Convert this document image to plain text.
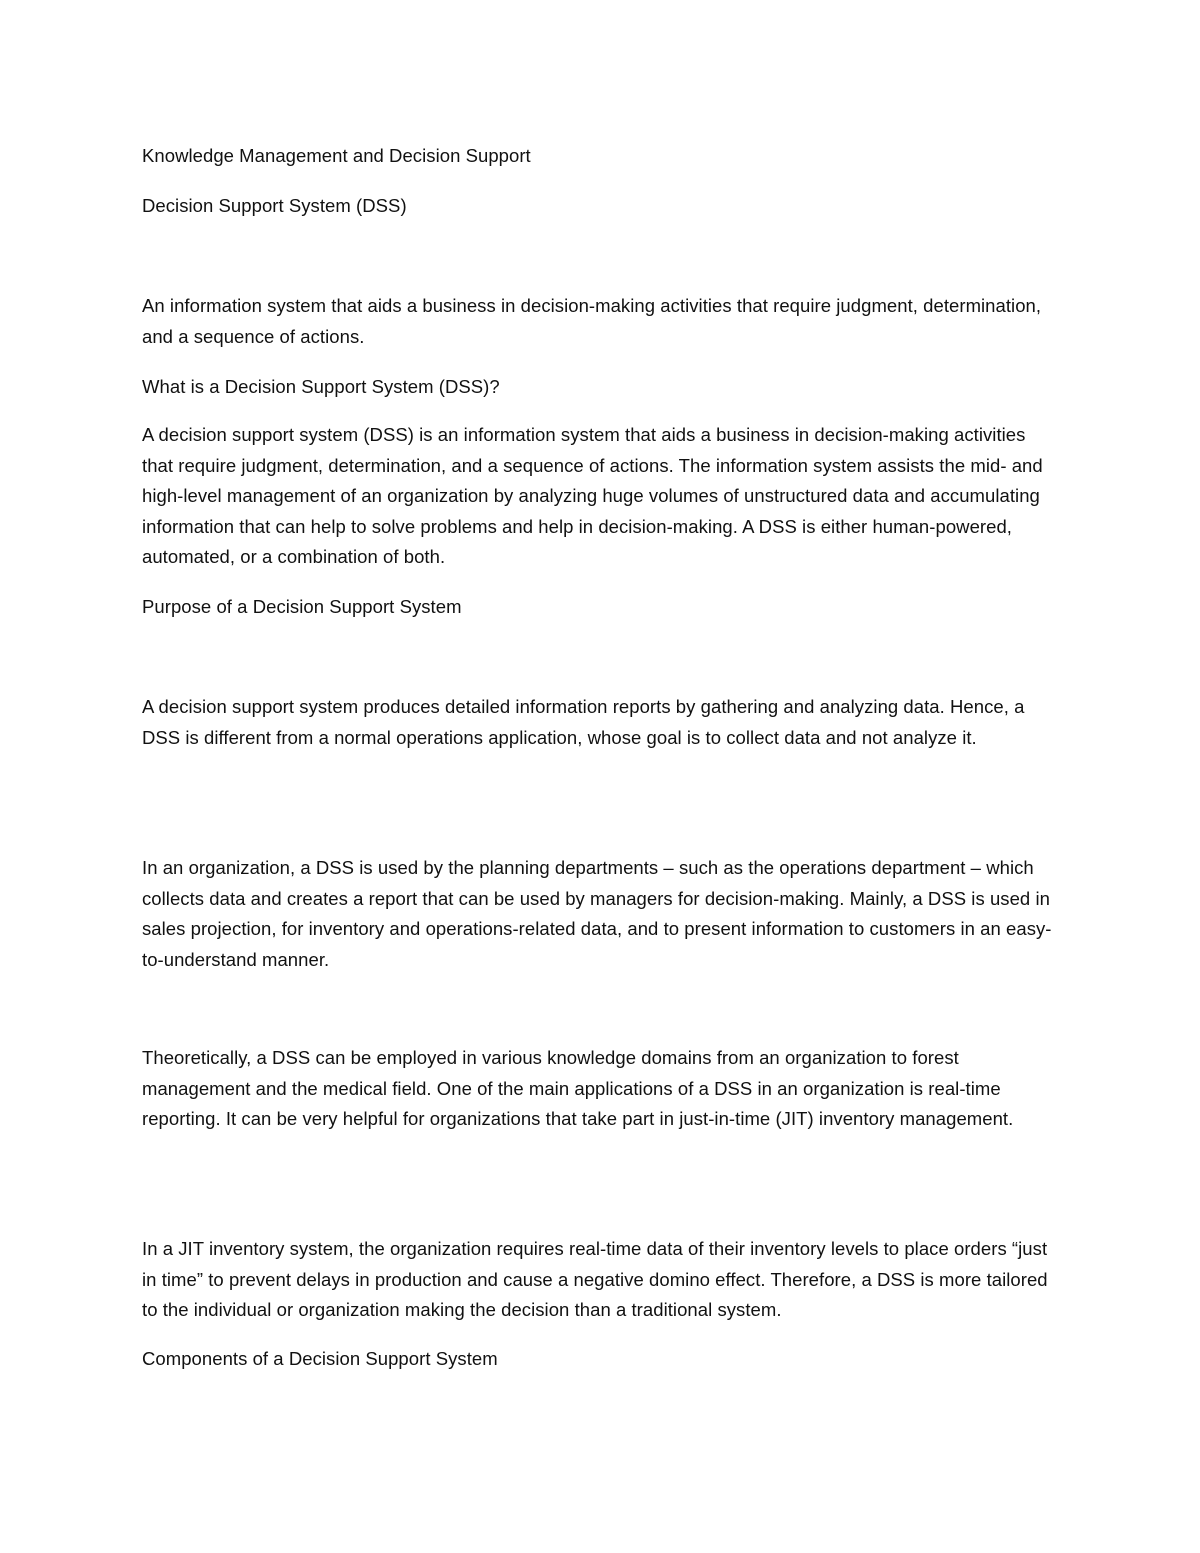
Knowledge Management and Decision Support

Decision Support System (DSS)

An information system that aids a business in decision-making activities that require judgment, determination, and a sequence of actions.

What is a Decision Support System (DSS)?

A decision support system (DSS) is an information system that aids a business in decision-making activities that require judgment, determination, and a sequence of actions. The information system assists the mid- and high-level management of an organization by analyzing huge volumes of unstructured data and accumulating information that can help to solve problems and help in decision-making. A DSS is either human-powered, automated, or a combination of both.

Purpose of a Decision Support System

A decision support system produces detailed information reports by gathering and analyzing data. Hence, a DSS is different from a normal operations application, whose goal is to collect data and not analyze it.

In an organization, a DSS is used by the planning departments – such as the operations department – which collects data and creates a report that can be used by managers for decision-making. Mainly, a DSS is used in sales projection, for inventory and operations-related data, and to present information to customers in an easy-to-understand manner.

Theoretically, a DSS can be employed in various knowledge domains from an organization to forest management and the medical field. One of the main applications of a DSS in an organization is real-time reporting. It can be very helpful for organizations that take part in just-in-time (JIT) inventory management.

In a JIT inventory system, the organization requires real-time data of their inventory levels to place orders “just in time” to prevent delays in production and cause a negative domino effect. Therefore, a DSS is more tailored to the individual or organization making the decision than a traditional system.

Components of a Decision Support System
